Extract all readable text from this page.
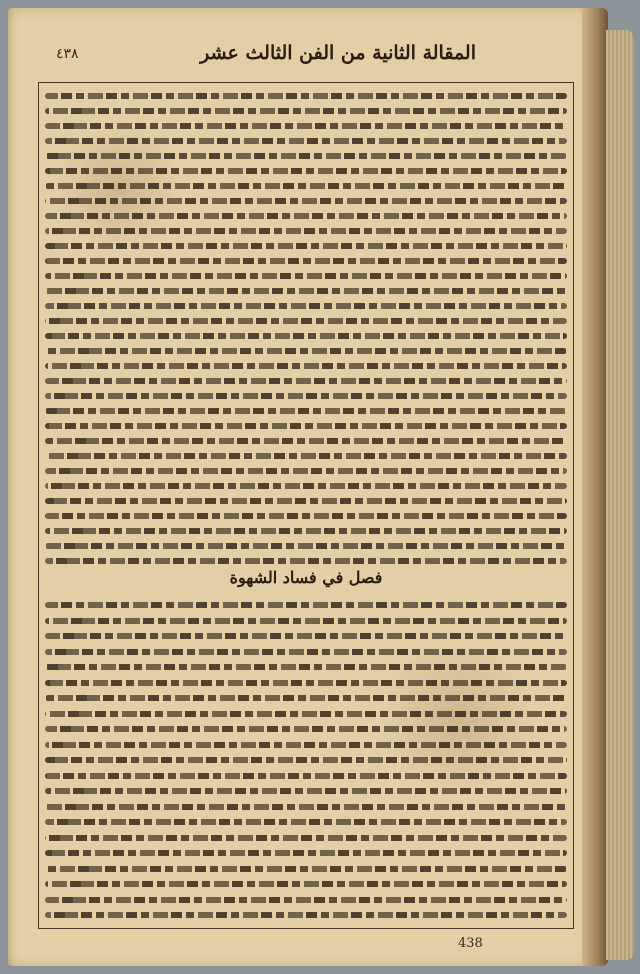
المقالة الثانية من الفن الثالث عشر
٤٣٨
فصل في فساد الشهوة
438
